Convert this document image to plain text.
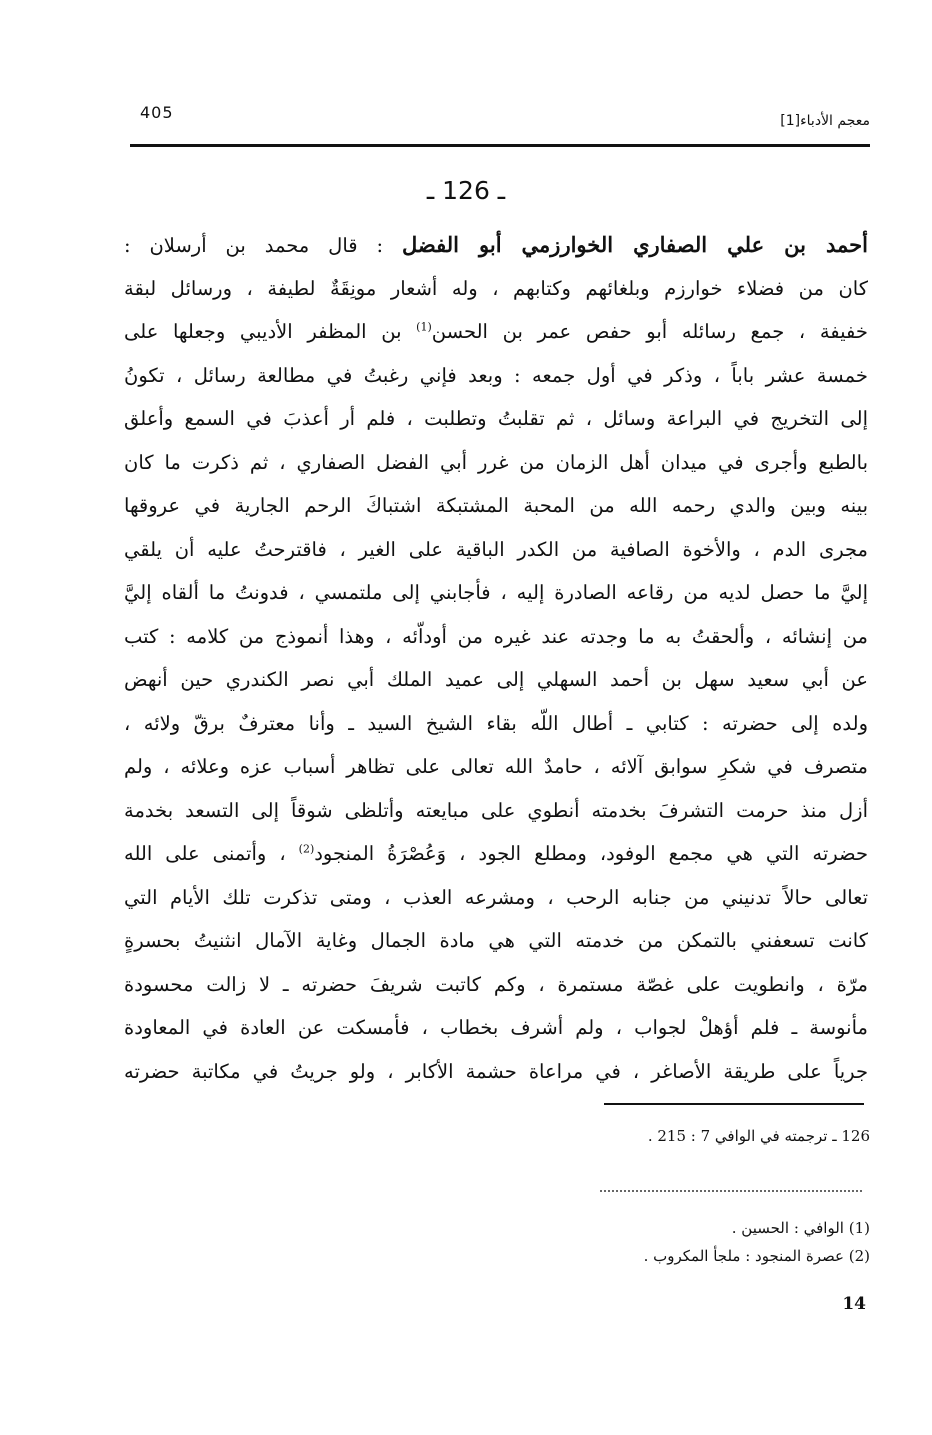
405	معجم الأدباء[1]
ـ 126 ـ
أحمد بن علي الصفاري الخوارزمي أبو الفضل : قال محمد بن أرسلان :
كان من فضلاء خوارزم وبلغائهم وكتابهم ، وله أشعار مونِقَةٌ لطيفة ، ورسائل لبقة
خفيفة ، جمع رسائله أبو حفص عمر بن الحسن$^{(1)}$ بن المظفر الأديبي وجعلها على
خمسة عشر باباً ، وذكر في أول جمعه : وبعد فإني رغبتُ في مطالعة رسائل ، تكونُ
إلى التخريج في البراعة وسائل ، ثم تقلبتُ وتطلبت ، فلم أر أعذبَ في السمع وأعلق
بالطبع وأجرى في ميدان أهل الزمان من غرر أبي الفضل الصفاري ، ثم ذكرت ما كان
بينه وبين والدي رحمه الله من المحبة المشتبكة اشتباكَ الرحم الجارية في عروقها
مجرى الدم ، والأخوة الصافية من الكدر الباقية على الغير ، فاقترحتُ عليه أن يلقي
إليَّ ما حصل لديه من رقاعه الصادرة إليه ، فأجابني إلى ملتمسي ، فدونتُ ما ألقاه إليَّ
من إنشائه ، وألحقتُ به ما وجدته عند غيره من أوداّئه ، وهذا أنموذج من كلامه : كتب
عن أبي سعيد سهل بن أحمد السهلي إلى عميد الملك أبي نصر الكندري حين أنهض
ولده إلى حضرته : كتابي ـ أطال اللّه بقاء الشيخ السيد ـ وأنا معترفٌ برقّ ولائه ،
متصرف في شكرِ سوابق آلائه ، حامدٌ الله تعالى على تظاهر أسباب عزه وعلائه ، ولم
أزل منذ حرمت التشرفَ بخدمته أنطوي على مبايعته وأتلظى شوقاً إلى التسعد بخدمة
حضرته التي هي مجمع الوفود، ومطلع الجود ، وَعُصْرَةُ المنجود$^{(2)}$ ، وأتمنى على الله
تعالى حالاً تدنيني من جنابه الرحب ، ومشرعه العذب ، ومتى تذكرت تلك الأيام التي
كانت تسعفني بالتمكن من خدمته التي هي مادة الجمال وغاية الآمال انثنيتُ بحسرةٍ
مرّة ، وانطويت على غصّة مستمرة ، وكم كاتبت شريفَ حضرته ـ لا زالت محسودة
مأنوسة ـ فلم أؤهلْ لجواب ، ولم أشرف بخطاب ، فأمسكت عن العادة في المعاودة
جرياً على طريقة الأصاغر ، في مراعاة حشمة الأكابر ، ولو جريتُ في مكاتبة حضرته
126 ـ ترجمته في الوافي 7 : 215 .
(1) الوافي : الحسين .
(2) عصرة المنجود : ملجأ المكروب .
14
